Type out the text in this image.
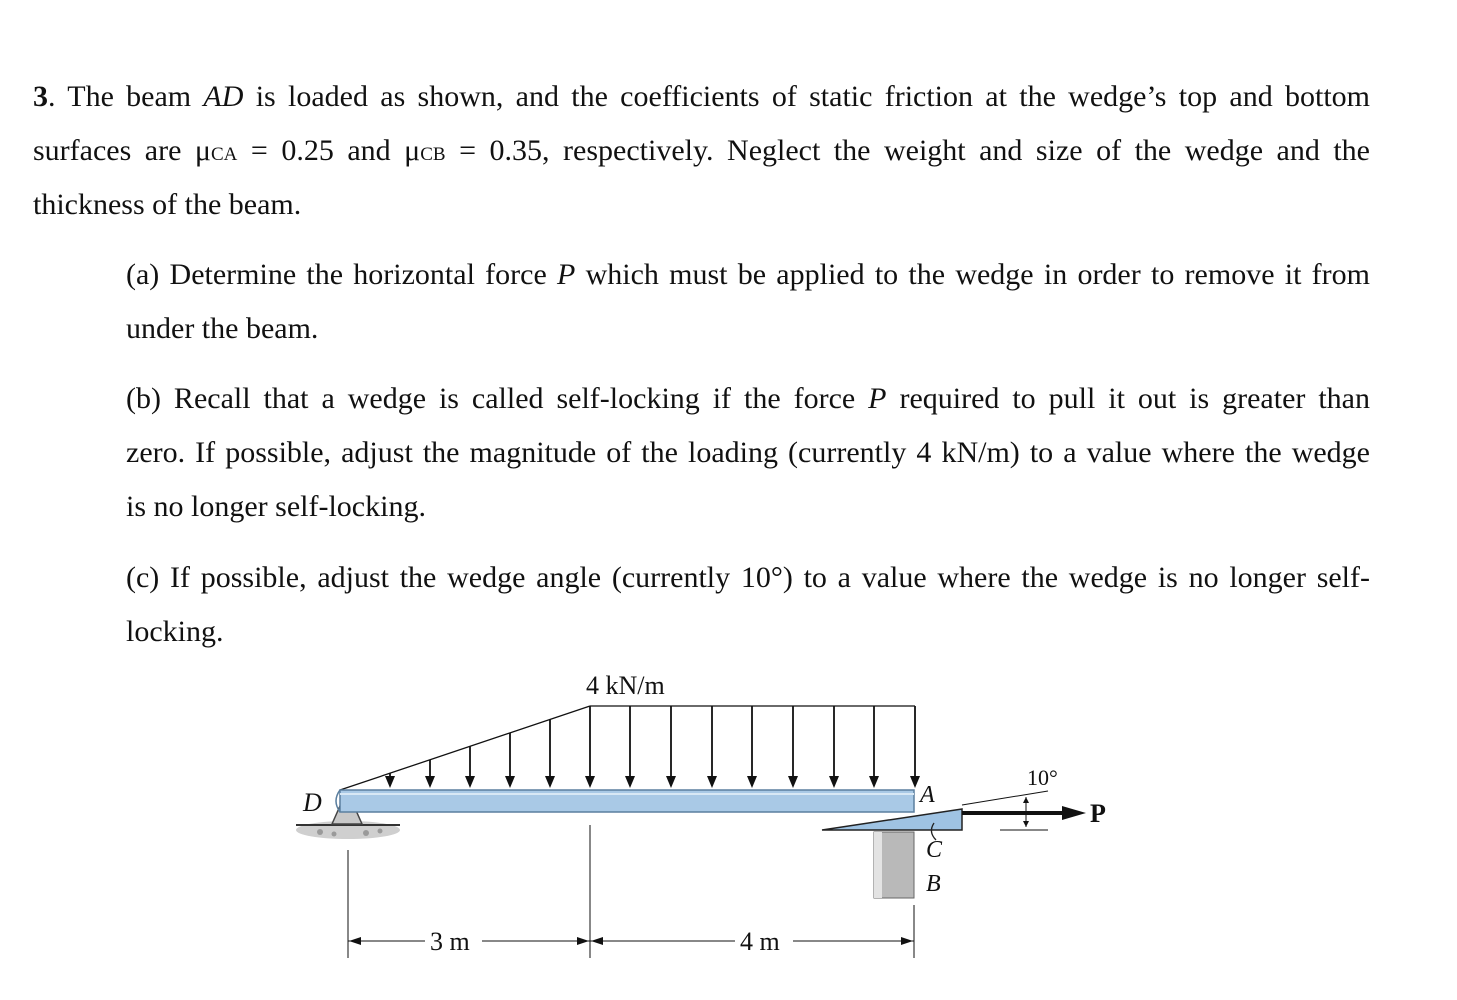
3. The beam AD is loaded as shown, and the coefficients of static friction at the wedge’s top and bottom
surfaces are μCA = 0.25 and μCB = 0.35, respectively. Neglect the weight and size of the wedge and the
thickness of the beam.
(a) Determine the horizontal force P which must be applied to the wedge in order to remove it from
under the beam.
(b) Recall that a wedge is called self-locking if the force P required to pull it out is greater than
zero. If possible, adjust the magnitude of the loading (currently 4 kN/m) to a value where the wedge
is no longer self-locking.
(c) If possible, adjust the wedge angle (currently 10°) to a value where the wedge is no longer self-
locking.
4 kN/m
10°
D	A
C
B
P
3 m	4 m
